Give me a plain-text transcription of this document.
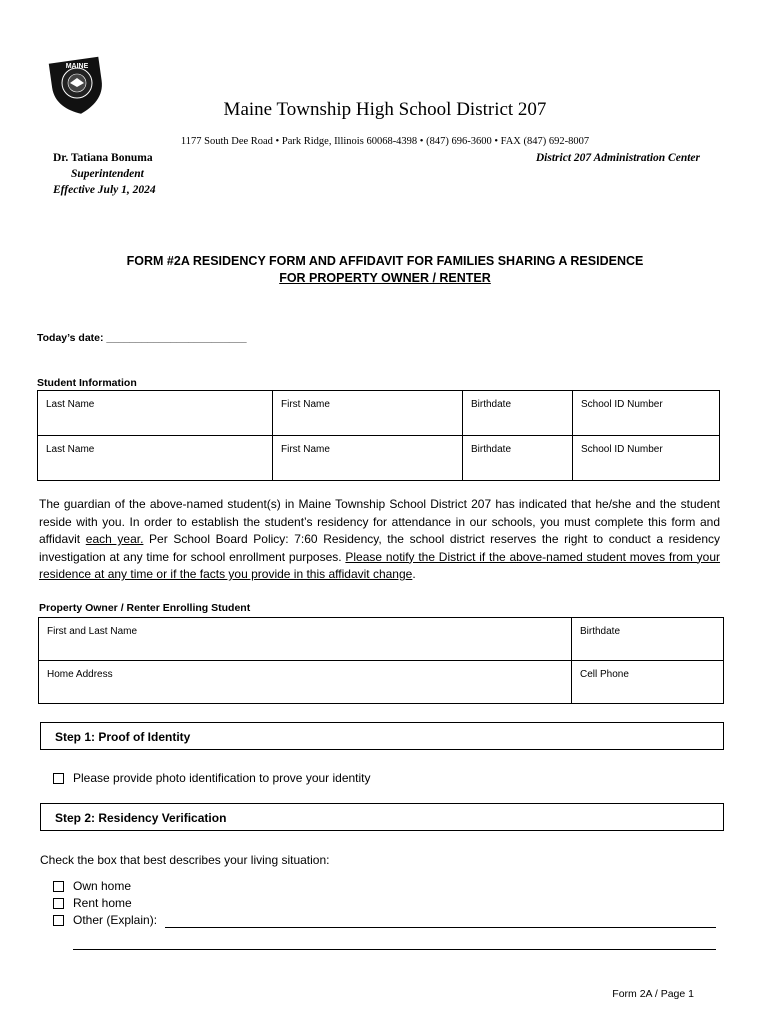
MAINE
Maine Township High School District 207
1177 South Dee Road • Park Ridge, Illinois 60068-4398 • (847) 696-3600 • FAX (847) 692-8007
Dr. Tatiana Bonuma
Superintendent
Effective July 1, 2024
District 207 Administration Center
FORM #2A RESIDENCY FORM AND AFFIDAVIT FOR FAMILIES SHARING A RESIDENCE
FOR PROPERTY OWNER / RENTER
Today’s date: ________________________
Student Information
Last Name	First Name	Birthdate	School ID Number
Last Name	First Name	Birthdate	School ID Number
The guardian of the above-named student(s) in Maine Township School District 207 has indicated that he/she and the student reside with you. In order to establish the student’s residency for attendance in our schools, you must complete this form and affidavit each year. Per School Board Policy: 7:60 Residency, the school district reserves the right to conduct a residency investigation at any time for school enrollment purposes. Please notify the District if the above-named student moves from your residence at any time or if the facts you provide in this affidavit change.
Property Owner / Renter Enrolling Student
First and Last Name	Birthdate
Home Address	Cell Phone
Step 1: Proof of Identity
Please provide photo identification to prove your identity
Step 2: Residency Verification
Check the box that best describes your living situation:
Own home
Rent home
Other (Explain):
Form 2A / Page 1
